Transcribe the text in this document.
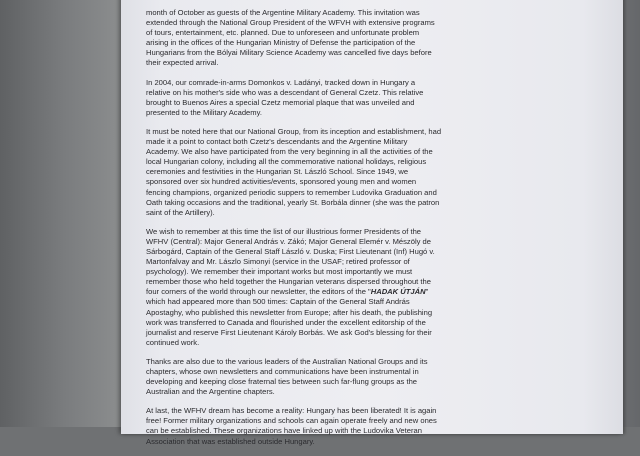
month of October as guests of the Argentine Military Academy. This invitation was
extended through the National Group President of the WFVH with extensive programs
of tours, entertainment, etc. planned. Due to unforeseen and unfortunate problem
arising in the offices of the Hungarian Ministry of Defense the participation of the
Hungarians from the Bólyai Military Science Academy was cancelled five days before
their expected arrival.

In 2004, our comrade-in-arms Domonkos v. Ladányi, tracked down in Hungary a
relative on his mother's side who was a descendant of General Czetz. This relative
brought to Buenos Aires a special Czetz memorial plaque that was unveiled and
presented to the Military Academy.

It must be noted here that our National Group, from its inception and establishment, had
made it a point to contact both Czetz's descendants and the Argentine Military
Academy. We also have participated from the very beginning in all the activities of the
local Hungarian colony, including all the commemorative national holidays, religious
ceremonies and festivities in the Hungarian St. László School. Since 1949, we
sponsored over six hundred activities/events, sponsored young men and women
fencing champions, organized periodic suppers to remember Ludovika Graduation and
Oath taking occasions and the traditional, yearly St. Borbála dinner (she was the patron
saint of the Artillery).

We wish to remember at this time the list of our illustrious former Presidents of the
WFHV (Central): Major General András v. Zákó; Major General Elemér v. Mészöly de
Sárbogárd, Captain of the General Staff László v. Duska; First Lieutenant (Inf) Hugó v.
Martonfalvay and Mr. Lászlo Simonyi (service in the USAF; retired professor of
psychology). We remember their important works but most importantly we must
remember those who held together the Hungarian veterans dispersed throughout the
four corners of the world through our newsletter, the editors of the "HADAK ÚTJÁN"
which had appeared more than 500 times: Captain of the General Staff András
Apostaghy, who published this newsletter from Europe; after his death, the publishing
work was transferred to Canada and flourished under the excellent editorship of the
journalist and reserve First Lieutenant Károly Borbás. We ask God's blessing for their
continued work.

Thanks are also due to the various leaders of the Australian National Groups and its
chapters, whose own newsletters and communications have been instrumental in
developing and keeping close fraternal ties between such far-flung groups as the
Australian and the Argentine chapters.

At last, the WFHV dream has become a reality: Hungary has been liberated! It is again
free! Former military organizations and schools can again operate freely and new ones
can be established. These organizations have linked up with the Ludovika Veteran
Association that was established outside Hungary.
